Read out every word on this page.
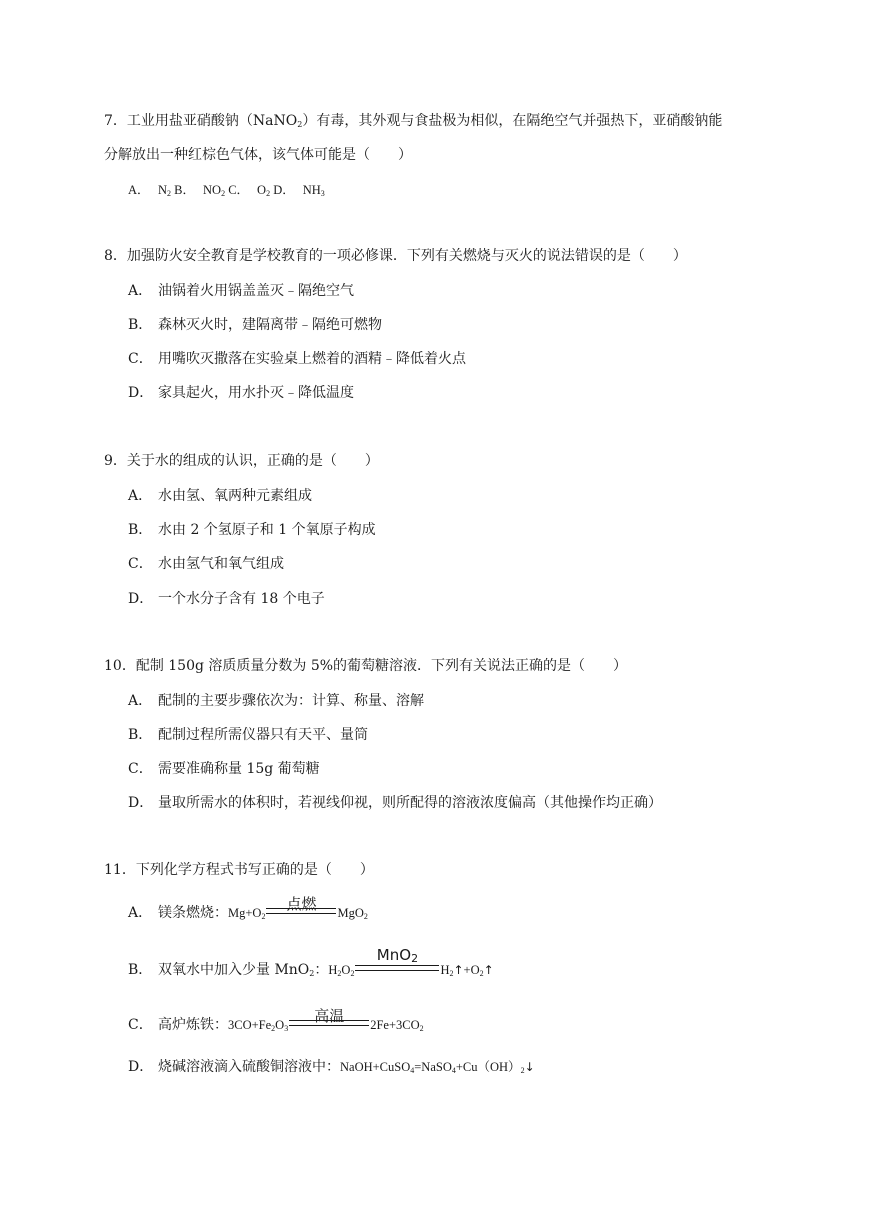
7．工业用盐亚硝酸钠（NaNO$_2$）有毒，其外观与食盐极为相似，在隔绝空气并强热下，亚硝酸钠能
分解放出一种红棕色气体，该气体可能是（　　）
A． $N_2$ B． $NO_2$ C． $O_2$ D． $NH_3$
8．加强防火安全教育是学校教育的一项必修课．下列有关燃烧与灭火的说法错误的是（　　）
A． 油锅着火用锅盖盖灭﹣隔绝空气
B． 森林灭火时，建隔离带﹣隔绝可燃物
C． 用嘴吹灭撒落在实验桌上燃着的酒精﹣降低着火点
D． 家具起火，用水扑灭﹣降低温度
9．关于水的组成的认识，正确的是（　　）
A． 水由氢、氧两种元素组成
B． 水由 2 个氢原子和 1 个氧原子构成
C． 水由氢气和氧气组成
D． 一个水分子含有 18 个电子
10．配制 150g 溶质质量分数为 5%的葡萄糖溶液．下列有关说法正确的是（　　）
A． 配制的主要步骤依次为：计算、称量、溶解
B． 配制过程所需仪器只有天平、量筒
C． 需要准确称量 15g 葡萄糖
D． 量取所需水的体积时，若视线仰视，则所配得的溶液浓度偏高（其他操作均正确）
11．下列化学方程式书写正确的是（　　）
A． 镁条燃烧：$Mg+O_2$
点燃	MgO$_2$
B． 双氧水中加入少量 MnO$_2$：$H_2O_2$
MnO$_2$
$H_2↑+O_2↑$
C． 高炉炼铁：$3CO+Fe_2O_3$
高温	$2Fe+3CO_2$
D． 烧碱溶液滴入硫酸铜溶液中：$NaOH+CuSO_4=NaSO_4+Cu(OH)_2↓$
